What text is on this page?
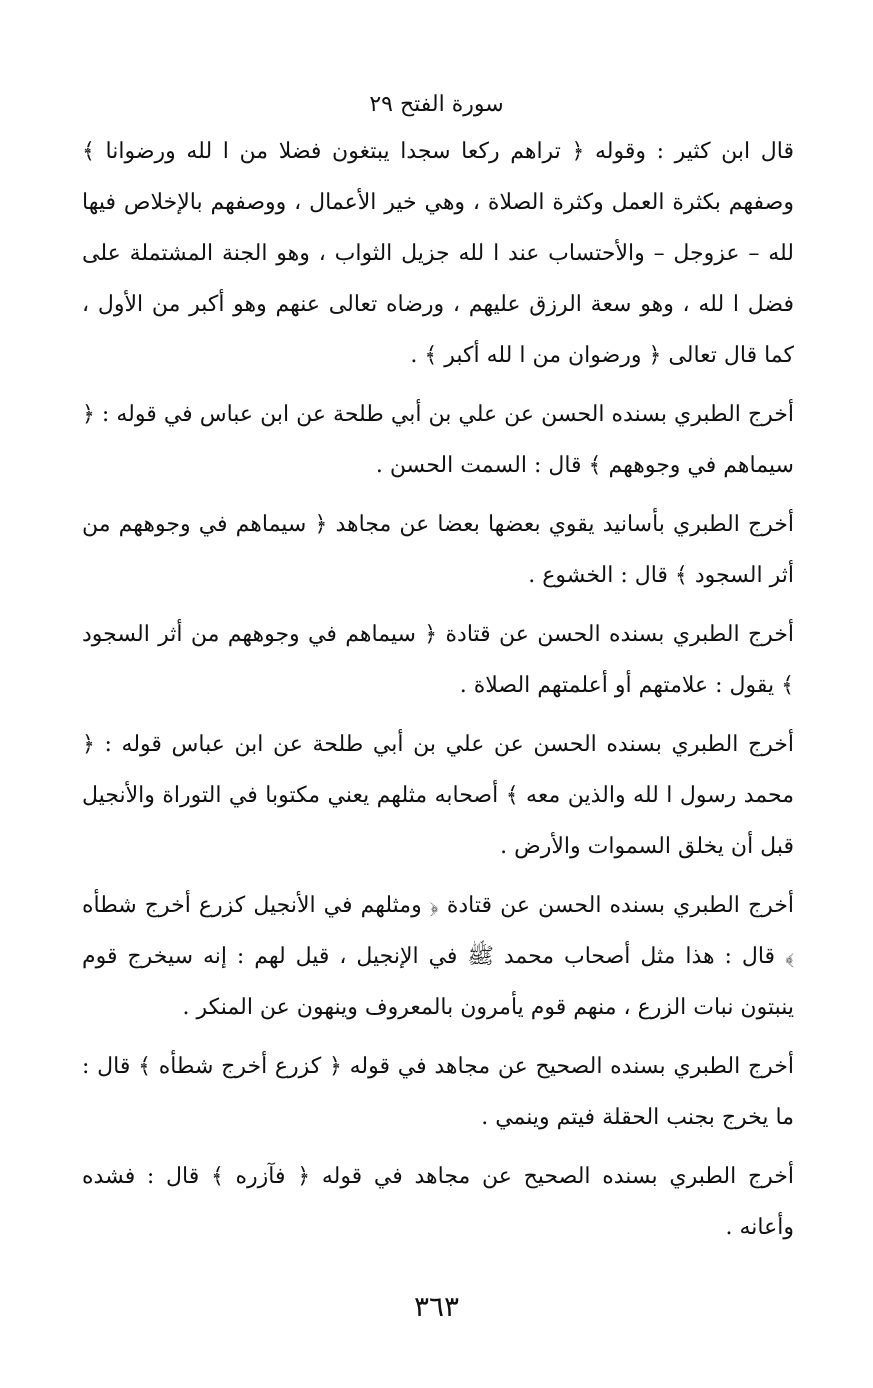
سورة الفتح ٢٩

قال ابن كثير : وقوله ﴿ تراهم ركعا سجدا يبتغون فضلا من ا لله ورضوانا ﴾ وصفهم بكثرة العمل وكثرة الصلاة ، وهي خير الأعمال ، ووصفهم بالإخلاص فيها لله – عزوجل – والأحتساب عند ا لله جزيل الثواب ، وهو الجنة المشتملة على فضل ا لله ، وهو سعة الرزق عليهم ، ورضاه تعالى عنهم وهو أكبر من الأول ، كما قال تعالى ﴿ ورضوان من ا لله أكبر ﴾ .

أخرج الطبري بسنده الحسن عن علي بن أبي طلحة عن ابن عباس في قوله : ﴿ سيماهم في وجوههم ﴾ قال : السمت الحسن .

أخرج الطبري بأسانيد يقوي بعضها بعضا عن مجاهد ﴿ سيماهم في وجوههم من أثر السجود ﴾ قال : الخشوع .

أخرج الطبري بسنده الحسن عن قتادة ﴿ سيماهم في وجوههم من أثر السجود ﴾ يقول : علامتهم أو أعلمتهم الصلاة .

أخرج الطبري بسنده الحسن عن علي بن أبي طلحة عن ابن عباس قوله : ﴿ محمد رسول ا لله والذين معه ﴾ أصحابه مثلهم يعني مكتوبا في التوراة والأنجيل قبل أن يخلق السموات والأرض .

أخرج الطبري بسنده الحسن عن قتادة ﴿ ومثلهم في الأنجيل كزرع أخرج شطأه ﴾ قال : هذا مثل أصحاب محمد ﷺ في الإنجيل ، قيل لهم : إنه سيخرج قوم ينبتون نبات الزرع ، منهم قوم يأمرون بالمعروف وينهون عن المنكر .

أخرج الطبري بسنده الصحيح عن مجاهد في قوله ﴿ كزرع أخرج شطأه ﴾ قال : ما يخرج بجنب الحقلة فيتم وينمي .

أخرج الطبري بسنده الصحيح عن مجاهد في قوله ﴿ فآزره ﴾ قال : فشده وأعانه .

٣٦٣
